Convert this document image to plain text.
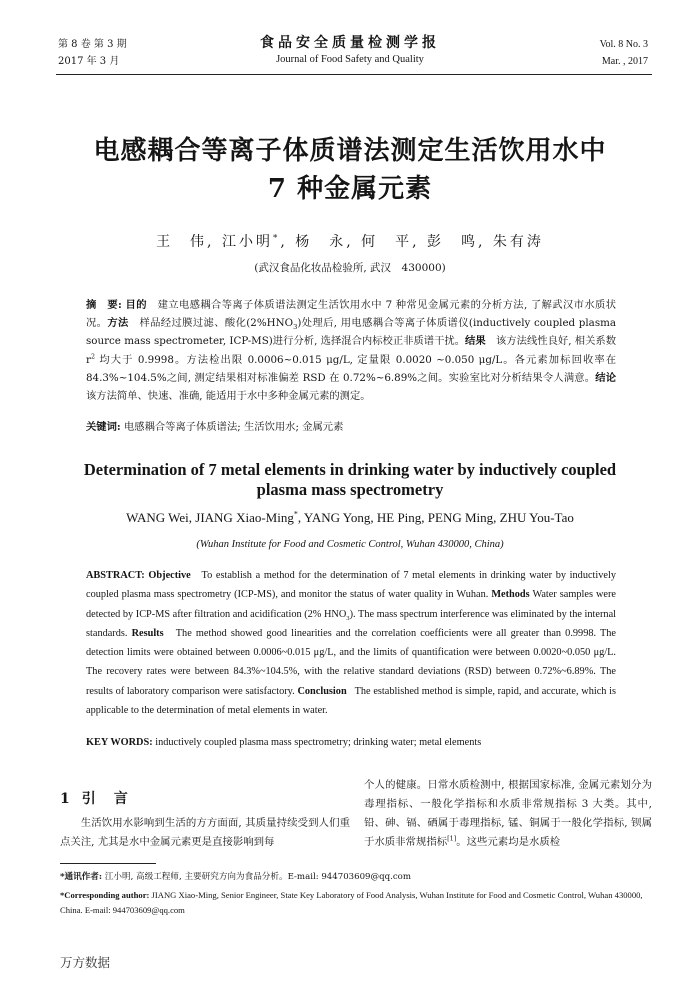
第 8 卷 第 3 期
2017 年 3 月
食品安全质量检测学报
Journal of Food Safety and Quality
Vol. 8 No. 3
Mar. , 2017
电感耦合等离子体质谱法测定生活饮用水中
7 种金属元素
王　伟, 江小明*, 杨　永, 何　平, 彭　鸣, 朱有涛
(武汉食品化妆品检验所, 武汉　430000)
摘　要: 目的　 建立电感耦合等离子体质谱法测定生活饮用水中 7 种常见金属元素的分析方法, 了解武汉市水质状况。方法　 样品经过膜过滤、酸化$(2\%HNO_3)$处理后, 用电感耦合等离子体质谱仪(inductively coupled plasma source mass spectrometer, ICP-MS)进行分析, 选择混合内标校正非质谱干扰。结果　 该方法线性良好, 相关系数 $r^2$ 均大于 0.9998。方法检出限 0.0006~0.015 μg/L, 定量限 0.0020 ~0.050 μg/L。各元素加标回收率在 84.3%~104.5%之间, 测定结果相对标准偏差 RSD 在 0.72%~6.89%之间。实验室比对分析结果令人满意。结论该方法简单、快速、准确, 能适用于水中多种金属元素的测定。
关键词: 电感耦合等离子体质谱法; 生活饮用水; 金属元素
Determination of 7 metal elements in drinking water by inductively coupled plasma mass spectrometry
WANG Wei, JIANG Xiao-Ming*, YANG Yong, HE Ping, PENG Ming, ZHU You-Tao
(Wuhan Institute for Food and Cosmetic Control, Wuhan 430000, China)
ABSTRACT: Objective To establish a method for the determination of 7 metal elements in drinking water by inductively coupled plasma mass spectrometry (ICP-MS), and monitor the status of water quality in Wuhan. Methods Water samples were detected by ICP-MS after filtration and acidification (2% $HNO_3$). The mass spectrum interference was eliminated by the internal standards. Results The method showed good linearities and the correlation coefficients were all greater than 0.9998. The detection limits were obtained between 0.0006~0.015 μg/L, and the limits of quantification were between 0.0020~0.050 μg/L. The recovery rates were between 84.3%~104.5%, with the relative standard deviations (RSD) between 0.72%~6.89%. The results of laboratory comparison were satisfactory. Conclusion The established method is simple, rapid, and accurate, which is applicable to the determination of metal elements in water.
KEY WORDS: inductively coupled plasma mass spectrometry; drinking water; metal elements
1 引　言
生活饮用水影响到生活的方方面面, 其质量持续受到人们重点关注, 尤其是水中金属元素更是直接影响到每
个人的健康。日常水质检测中, 根据国家标准, 金属元素划分为毒理指标、一般化学指标和水质非常规指标 3 大类。其中, 铅、砷、镉、硒属于毒理指标, 锰、铜属于一般化学指标, 钡属于水质非常规指标[1]。这些元素均是水质检
*通讯作者: 江小明, 高级工程师, 主要研究方向为食品分析。E-mail: 944703609@qq.com
*Corresponding author: JIANG Xiao-Ming, Senior Engineer, State Key Laboratory of Food Analysis, Wuhan Institute for Food and Cosmetic Control, Wuhan 430000, China. E-mail: 944703609@qq.com
万方数据
